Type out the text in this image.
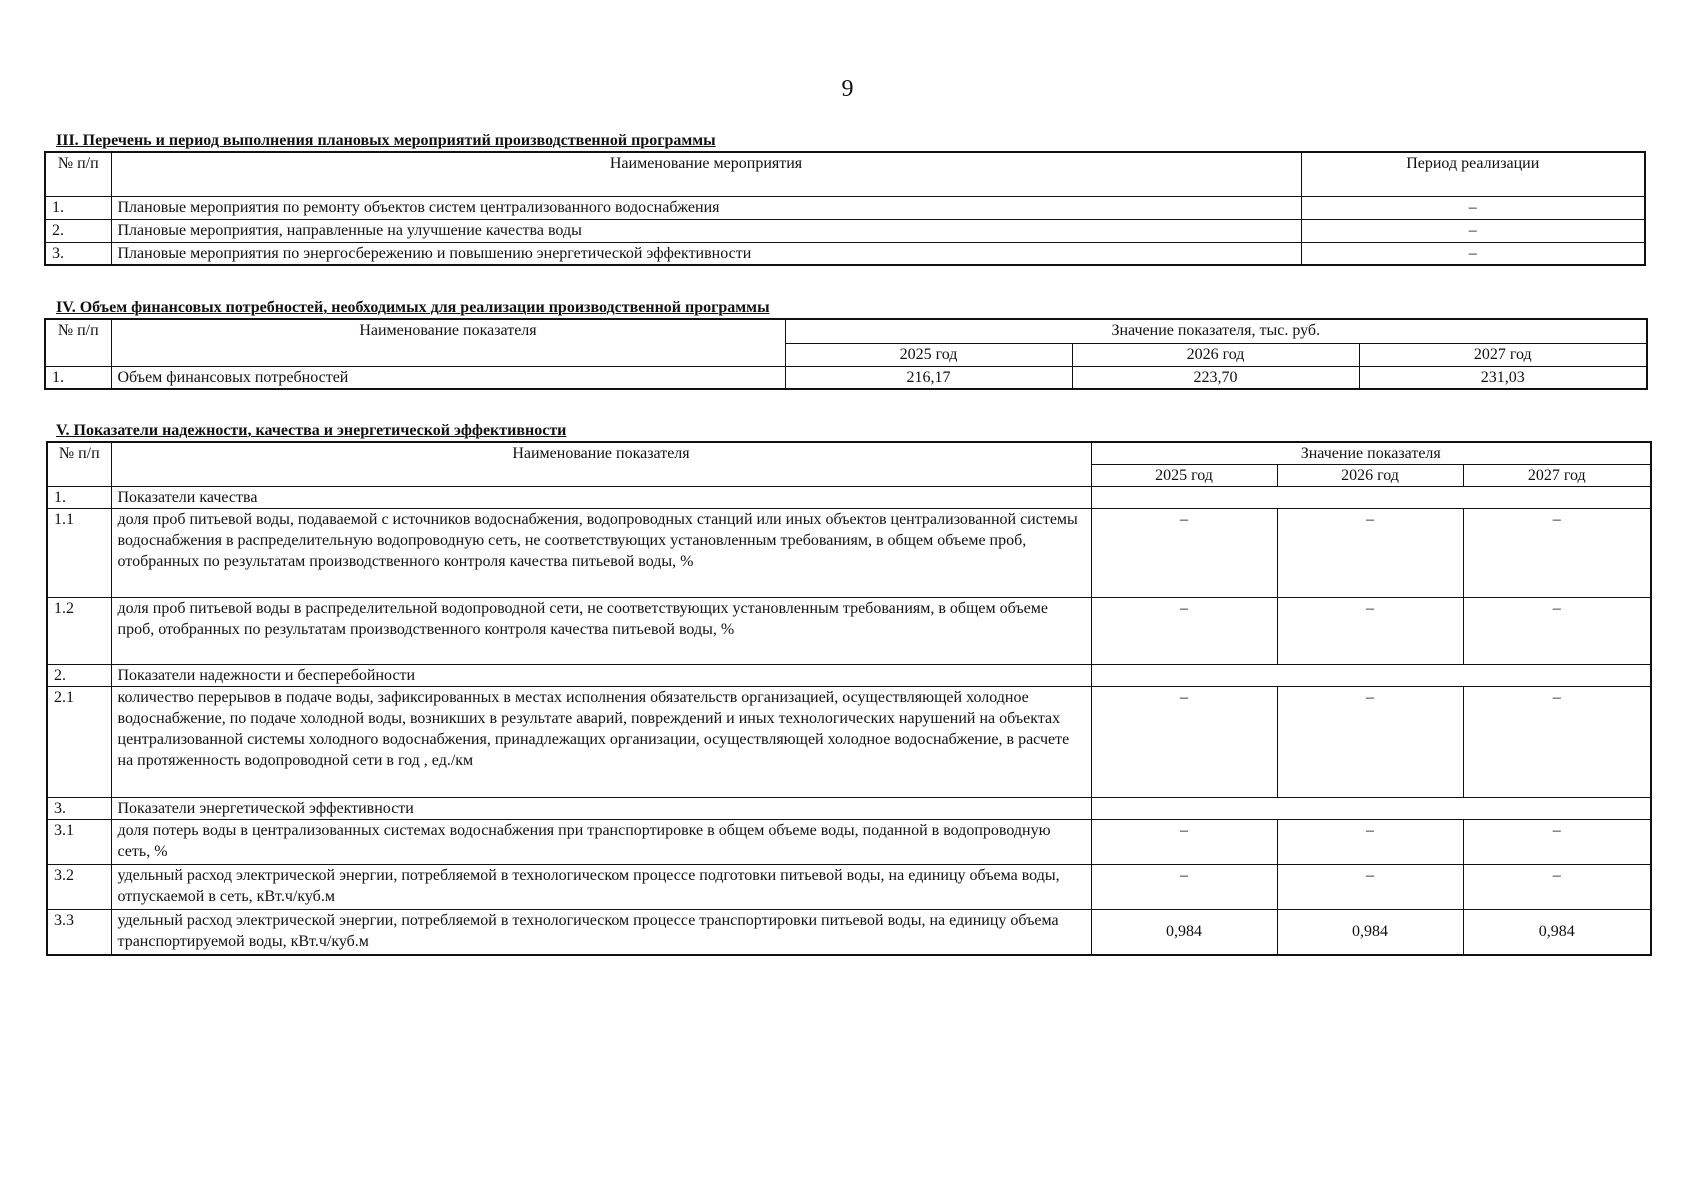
9
III. Перечень и период выполнения плановых мероприятий производственной программы
№ п/п	Наименование мероприятия	Период реализации
1.	Плановые мероприятия по ремонту объектов систем централизованного водоснабжения	–
2.	Плановые мероприятия, направленные на улучшение качества воды	–
3.	Плановые мероприятия по энергосбережению и повышению энергетической эффективности	–
IV. Объем финансовых потребностей, необходимых для реализации производственной программы
№ п/п	Наименование показателя	Значение показателя, тыс. руб.		
		2025 год	2026 год	2027 год
1.	Объем финансовых потребностей	216,17	223,70	231,03
V. Показатели надежности, качества и энергетической эффективности
№ п/п	Наименование показателя	Значение показателя		
		2025 год	2026 год	2027 год
1.	Показатели качества			
1.1	доля проб питьевой воды, подаваемой с источников водоснабжения, водопроводных станций или иных объектов централизованной системы водоснабжения в распределительную водопроводную сеть, не соответствующих установленным требованиям, в общем объеме проб, отобранных по результатам производственного контроля качества питьевой воды, %	–	–	–
1.2	доля проб питьевой воды в распределительной водопроводной сети, не соответствующих установленным требованиям, в общем объеме проб, отобранных по результатам производственного контроля качества питьевой воды, %	–	–	–
2.	Показатели надежности и бесперебойности			
2.1	количество перерывов в подаче воды, зафиксированных в местах исполнения обязательств организацией, осуществляющей холодное водоснабжение, по подаче холодной воды, возникших в результате аварий, повреждений и иных технологических нарушений на объектах централизованной системы холодного водоснабжения, принадлежащих организации, осуществляющей холодное водоснабжение, в расчете на протяженность водопроводной сети в год , ед./км	–	–	–
3.	Показатели энергетической эффективности			
3.1	доля потерь воды в централизованных системах водоснабжения при транспортировке в общем объеме воды, поданной в водопроводную сеть, %	–	–	–
3.2	удельный расход электрической энергии, потребляемой в технологическом процессе подготовки питьевой воды, на единицу объема воды, отпускаемой в сеть, кВт.ч/куб.м	–	–	–
3.3	удельный расход электрической энергии, потребляемой в технологическом процессе транспортировки питьевой воды, на единицу объема транспортируемой воды, кВт.ч/куб.м	0,984	0,984	0,984
